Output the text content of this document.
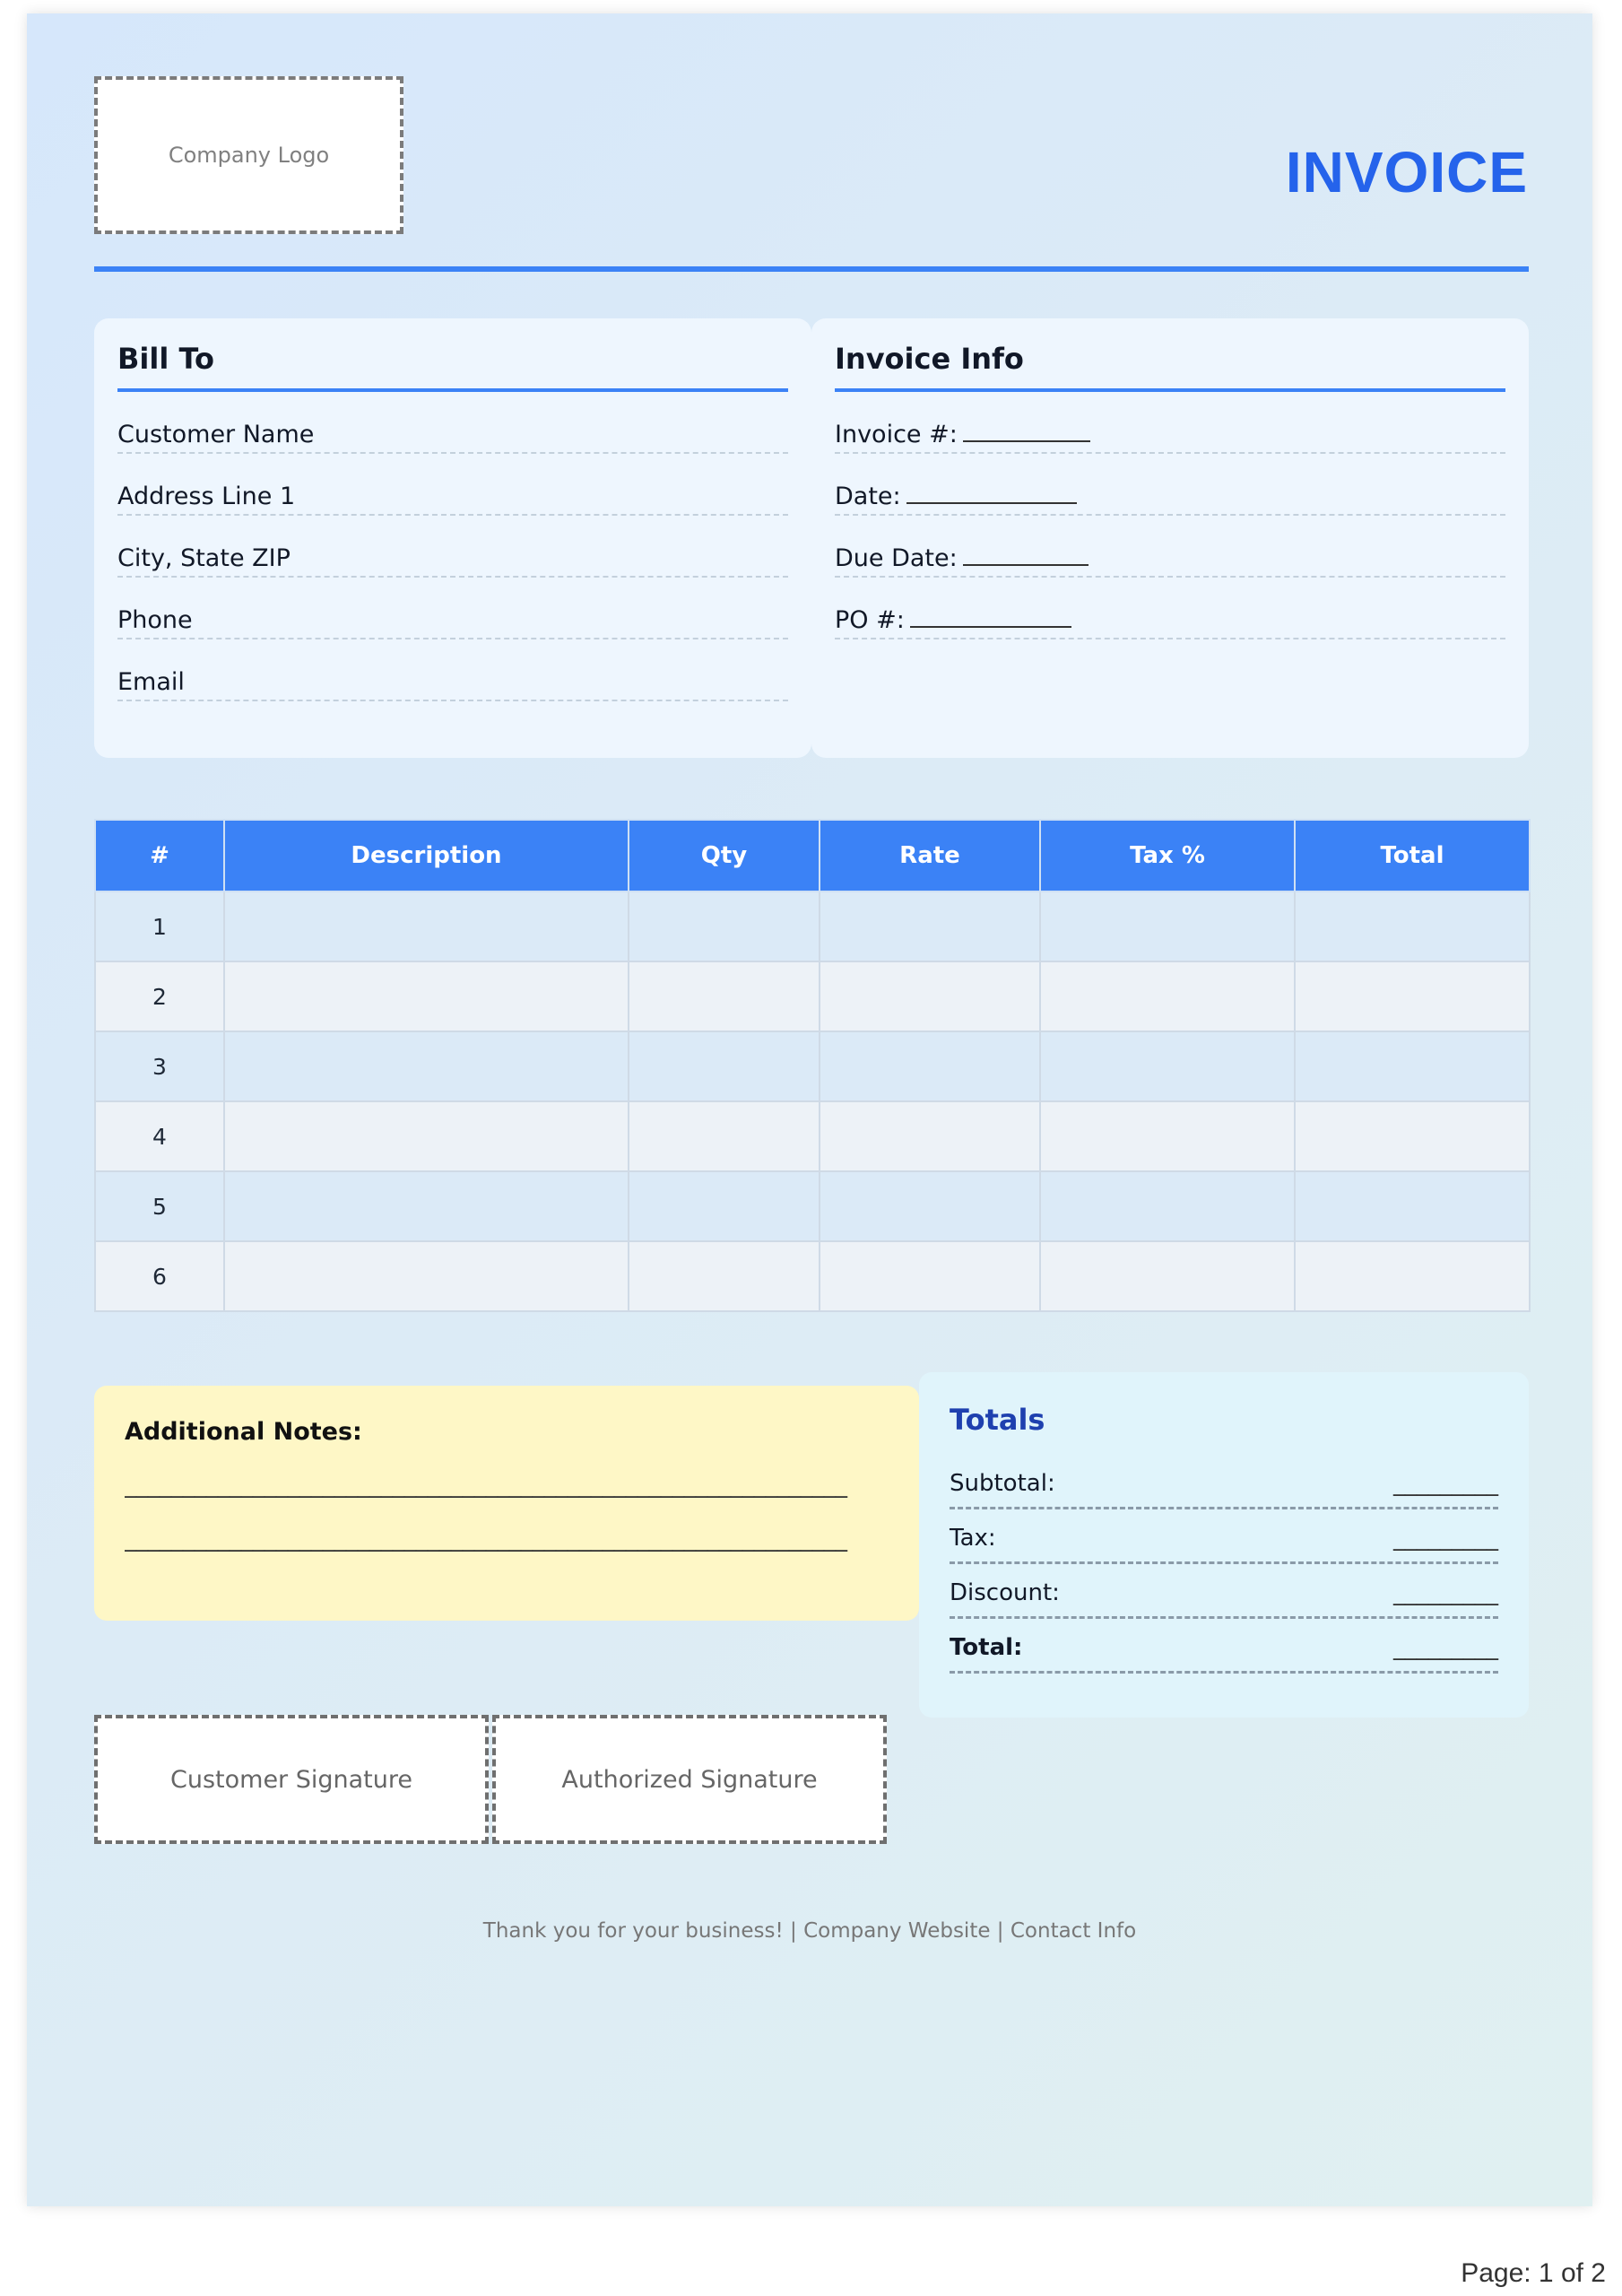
Company Logo	INVOICE
Bill To
Customer Name
Address Line 1
City, State ZIP
Phone
Email
Invoice Info
Invoice #:
Date:
Due Date:
PO #:
#	Description	Qty	Rate	Tax %	Total
1					
2					
3					
4					
5					
6					
Additional Notes:
______________________________________________________________
______________________________________________________________
Totals
Subtotal:	_________
Tax:	_________
Discount:	_________
Total:	_________
Customer Signature	Authorized Signature
Thank you for your business! | Company Website | Contact Info
Page: 1 of 2
